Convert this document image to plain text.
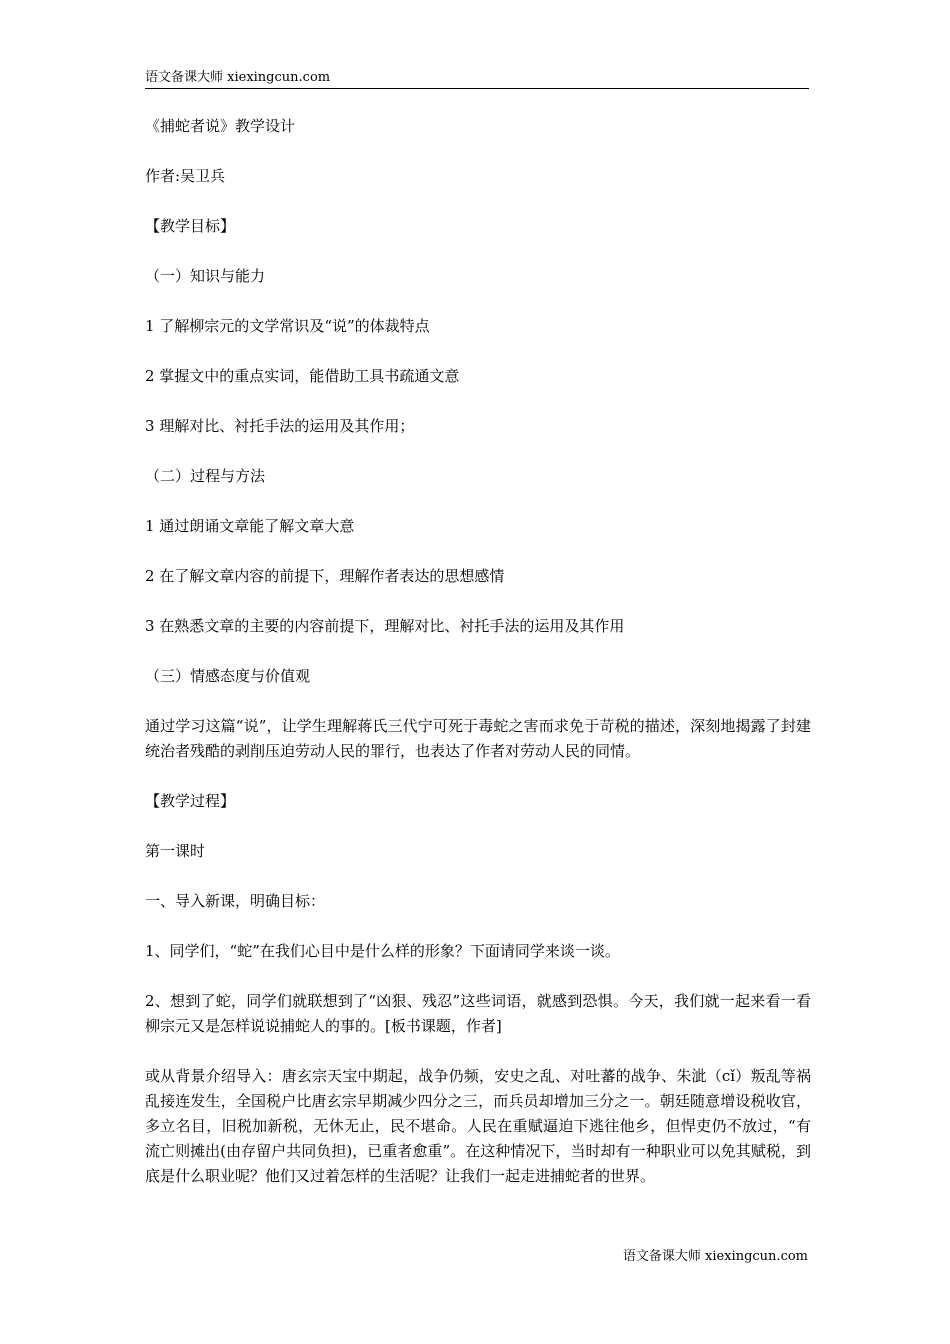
语文备课大师 xiexingcun.com

《捕蛇者说》教学设计

作者:吴卫兵

【教学目标】

（一）知识与能力

1 了解柳宗元的文学常识及“说”的体裁特点

2 掌握文中的重点实词，能借助工具书疏通文意

3 理解对比、衬托手法的运用及其作用；

（二）过程与方法

1 通过朗诵文章能了解文章大意

2 在了解文章内容的前提下，理解作者表达的思想感情

3 在熟悉文章的主要的内容前提下，理解对比、衬托手法的运用及其作用

（三）情感态度与价值观

通过学习这篇“说”，让学生理解蒋氏三代宁可死于毒蛇之害而求免于苛税的描述，深刻地揭露了封建统治者残酷的剥削压迫劳动人民的罪行，也表达了作者对劳动人民的同情。

【教学过程】

第一课时

一、导入新课，明确目标：

1、同学们，“蛇”在我们心目中是什么样的形象？下面请同学来谈一谈。

2、想到了蛇，同学们就联想到了“凶狠、残忍”这些词语，就感到恐惧。今天，我们就一起来看一看柳宗元又是怎样说说捕蛇人的事的。[板书课题，作者]

或从背景介绍导入：唐玄宗天宝中期起，战争仍频，安史之乱、对吐蕃的战争、朱泚（cǐ）叛乱等祸乱接连发生，全国税户比唐玄宗早期减少四分之三，而兵员却增加三分之一。朝廷随意增设税收官，多立名目，旧税加新税，无休无止，民不堪命。人民在重赋逼迫下逃往他乡，但悍吏仍不放过，“有流亡则摊出(由存留户共同负担)，已重者愈重”。在这种情况下，当时却有一种职业可以免其赋税，到底是什么职业呢？他们又过着怎样的生活呢？让我们一起走进捕蛇者的世界。

语文备课大师 xiexingcun.com
